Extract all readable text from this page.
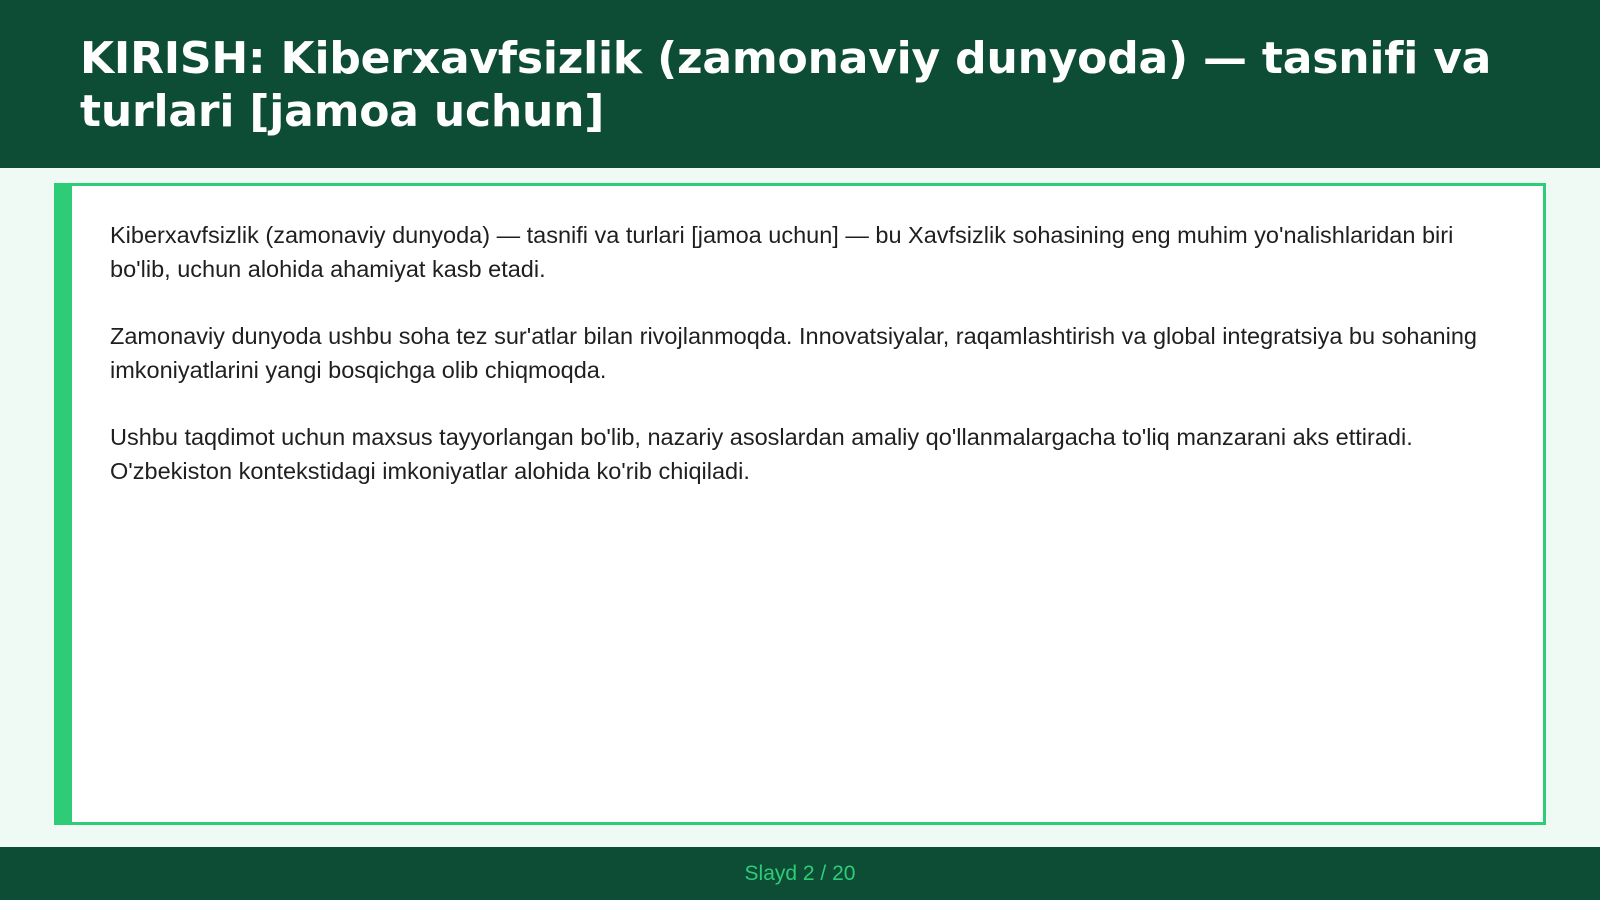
KIRISH: Kiberxavfsizlik (zamonaviy dunyoda) — tasnifi va turlari [jamoa uchun]

Kiberxavfsizlik (zamonaviy dunyoda) — tasnifi va turlari [jamoa uchun] — bu Xavfsizlik sohasining eng muhim yo'nalishlaridan biri bo'lib, uchun alohida ahamiyat kasb etadi.

Zamonaviy dunyoda ushbu soha tez sur'atlar bilan rivojlanmoqda. Innovatsiyalar, raqamlashtirish va global integratsiya bu sohaning imkoniyatlarini yangi bosqichga olib chiqmoqda.

Ushbu taqdimot uchun maxsus tayyorlangan bo'lib, nazariy asoslardan amaliy qo'llanmalargacha to'liq manzarani aks ettiradi. O'zbekiston kontekstidagi imkoniyatlar alohida ko'rib chiqiladi.

Slayd 2 / 20
